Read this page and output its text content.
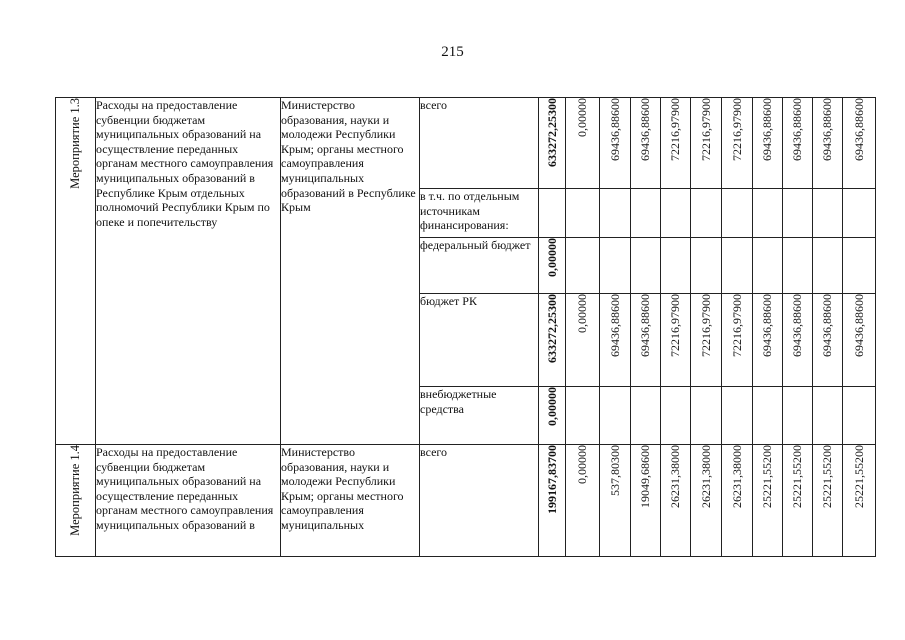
215
Мероприятие 1.3	Расходы на предоставление субвенции бюджетам муниципальных образований на осуществление переданных органам местного самоуправления муниципальных образований в Республике Крым отдельных полномочий Республики Крым по опеке и попечительству	Министерство образования, науки и молодежи Республики Крым; органы местного самоуправления муниципальных образований в Республике Крым	всего	633272,25300	0,00000	69436,88600	69436,88600	72216,97900	72216,97900	72216,97900	69436,88600	69436,88600	69436,88600	69436,88600

			в т.ч. по отдельным источникам финансирования:	

			федеральный бюджет	0,00000										

			бюджет РК	633272,25300	0,00000	69436,88600	69436,88600	72216,97900	72216,97900	72216,97900	69436,88600	69436,88600	69436,88600	69436,88600

			внебюджетные средства	0,00000										

Мероприятие 1.4	Расходы на предоставление субвенции бюджетам муниципальных образований на осуществление переданных органам местного самоуправления муниципальных образований в	Министерство образования, науки и молодежи Республики Крым; органы местного самоуправления муниципальных	всего	199167,83700	0,00000	537,80300	19049,68600	26231,38000	26231,38000	26231,38000	25221,55200	25221,55200	25221,55200	25221,55200
